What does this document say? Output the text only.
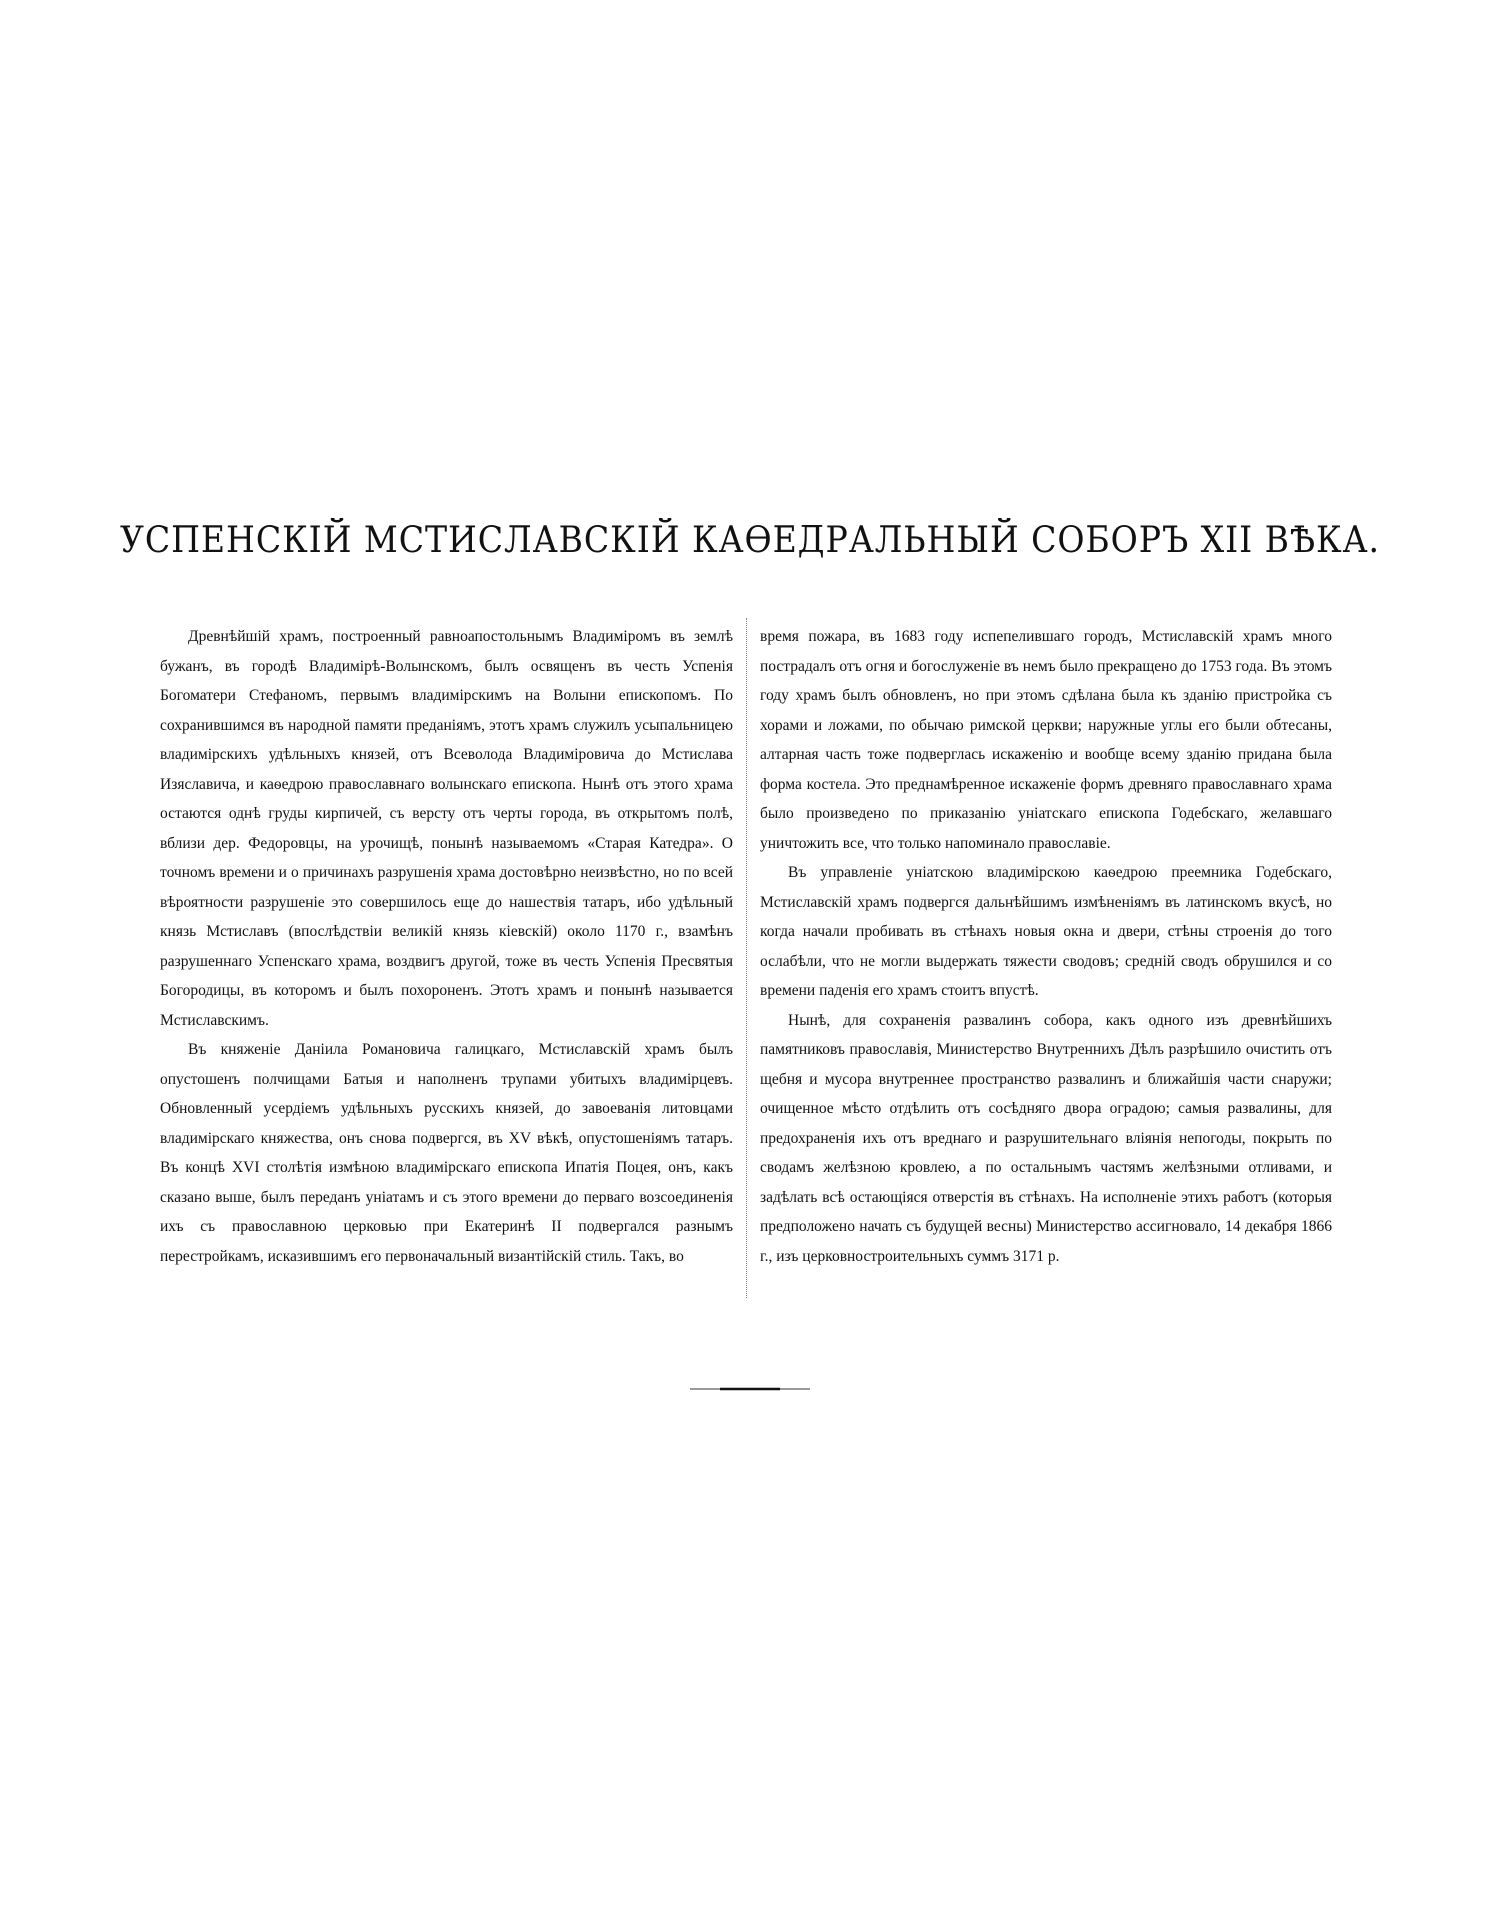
УСПЕНСКІЙ МСТИСЛАВСКІЙ КАѲЕДРАЛЬНЫЙ СОБОРЪ XII ВѢКА.

Древнѣйшій храмъ, построенный равноапостольнымъ Владиміромъ въ землѣ бужанъ, въ городѣ Владимірѣ-Волынскомъ, былъ освященъ въ честь Успенія Богоматери Стефаномъ, первымъ владимірскимъ на Волыни епископомъ. По сохранившимся въ народной памяти преданіямъ, этотъ храмъ служилъ усыпальницею владимірскихъ удѣльныхъ князей, отъ Всеволода Владиміровича до Мстислава Изяславича, и каѳедрою православнаго волынскаго епископа. Нынѣ отъ этого храма остаются однѣ груды кирпичей, съ версту отъ черты города, въ открытомъ полѣ, вблизи дер. Федоровцы, на урочищѣ, понынѣ называемомъ «Старая Катедра». О точномъ времени и о причинахъ разрушенія храма достовѣрно неизвѣстно, но по всей вѣроятности разрушеніе это совершилось еще до нашествія татаръ, ибо удѣльный князь Мстиславъ (впослѣдствіи великій князь кіевскій) около 1170 г., взамѣнъ разрушеннаго Успенскаго храма, воздвигъ другой, тоже въ честь Успенія Пресвятыя Богородицы, въ которомъ и былъ похороненъ. Этотъ храмъ и понынѣ называется Мстиславскимъ.

Въ княженіе Даніила Романовича галицкаго, Мстиславскій храмъ былъ опустошенъ полчищами Батыя и наполненъ трупами убитыхъ владимірцевъ. Обновленный усердіемъ удѣльныхъ русскихъ князей, до завоеванія литовцами владимірскаго княжества, онъ снова подвергся, въ XV вѣкѣ, опустошеніямъ татаръ. Въ концѣ XVI столѣтія измѣною владимірскаго епископа Ипатія Поцея, онъ, какъ сказано выше, былъ переданъ уніатамъ и съ этого времени до перваго возсоединенія ихъ съ православною церковью при Екатеринѣ II подвергался разнымъ перестройкамъ, исказившимъ его первоначальный византійскій стиль. Такъ, во

время пожара, въ 1683 году испепелившаго городъ, Мстиславскій храмъ много пострадалъ отъ огня и богослуженіе въ немъ было прекращено до 1753 года. Въ этомъ году храмъ былъ обновленъ, но при этомъ сдѣлана была къ зданію пристройка съ хорами и ложами, по обычаю римской церкви; наружные углы его были обтесаны, алтарная часть тоже подверглась искаженію и вообще всему зданію придана была форма костела. Это преднамѣренное искаженіе формъ древняго православнаго храма было произведено по приказанію уніатскаго епископа Годебскаго, желавшаго уничтожить все, что только напоминало православіе.

Въ управленіе уніатскою владимірскою каѳедрою преемника Годебскаго, Мстиславскій храмъ подвергся дальнѣйшимъ измѣненіямъ въ латинскомъ вкусѣ, но когда начали пробивать въ стѣнахъ новыя окна и двери, стѣны строенія до того ослабѣли, что не могли выдержать тяжести сводовъ; средній сводъ обрушился и со времени паденія его храмъ стоитъ впустѣ.

Нынѣ, для сохраненія развалинъ собора, какъ одного изъ древнѣйшихъ памятниковъ православія, Министерство Внутреннихъ Дѣлъ разрѣшило очистить отъ щебня и мусора внутреннее пространство развалинъ и ближайшія части снаружи; очищенное мѣсто отдѣлить отъ сосѣдняго двора оградою; самыя развалины, для предохраненія ихъ отъ вреднаго и разрушительнаго вліянія непогоды, покрыть по сводамъ желѣзною кровлею, а по остальнымъ частямъ желѣзными отливами, и задѣлать всѣ остающіяся отверстія въ стѣнахъ. На исполненіе этихъ работъ (которыя предположено начать съ будущей весны) Министерство ассигновало, 14 декабря 1866 г., изъ церковностроительныхъ суммъ 3171 р.
